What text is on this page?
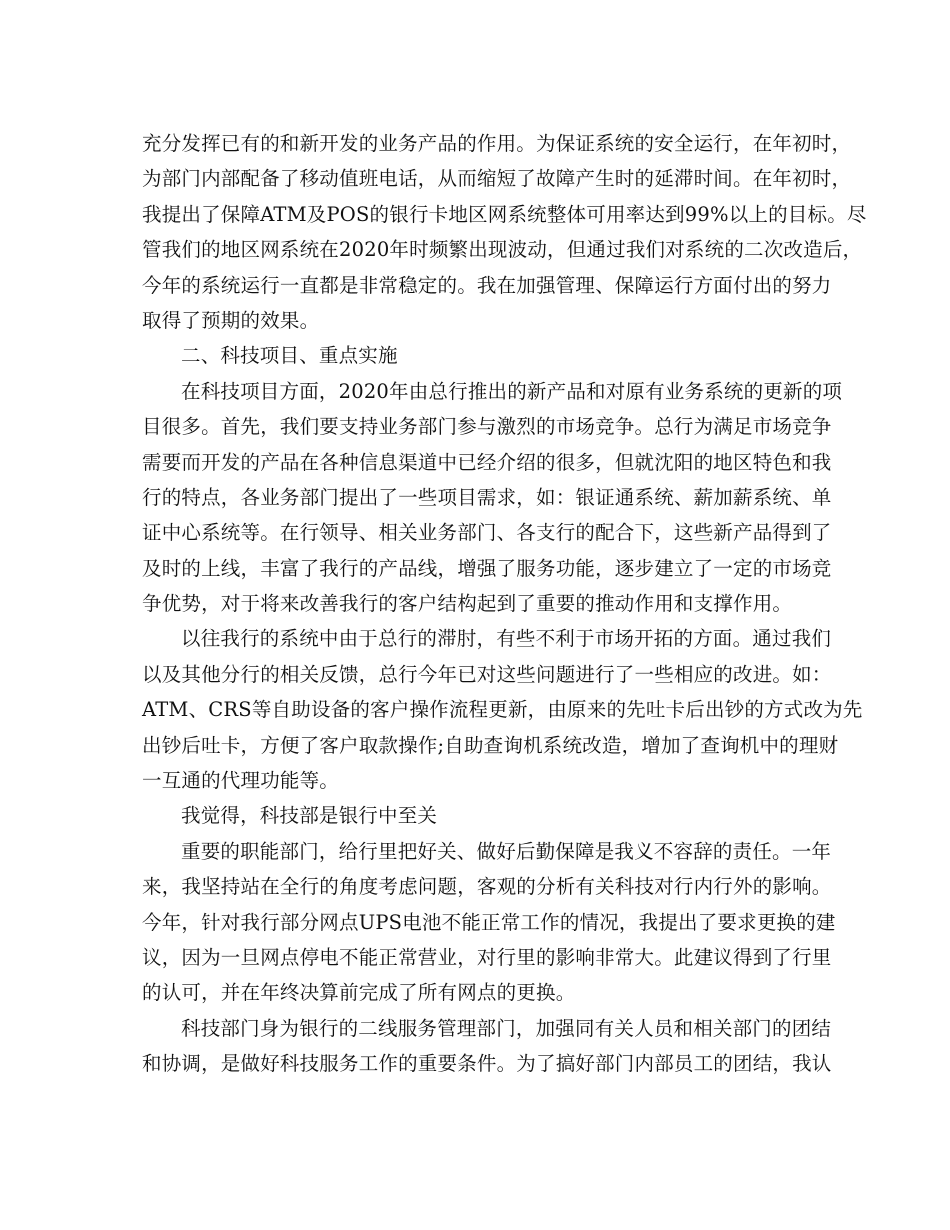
充分发挥已有的和新开发的业务产品的作用。为保证系统的安全运行，在年初时，
为部门内部配备了移动值班电话，从而缩短了故障产生时的延滞时间。在年初时，
我提出了保障ATM及POS的银行卡地区网系统整体可用率达到99%以上的目标。尽
管我们的地区网系统在2020年时频繁出现波动，但通过我们对系统的二次改造后，
今年的系统运行一直都是非常稳定的。我在加强管理、保障运行方面付出的努力
取得了预期的效果。
二、科技项目、重点实施
在科技项目方面，2020年由总行推出的新产品和对原有业务系统的更新的项
目很多。首先，我们要支持业务部门参与激烈的市场竞争。总行为满足市场竞争
需要而开发的产品在各种信息渠道中已经介绍的很多，但就沈阳的地区特色和我
行的特点，各业务部门提出了一些项目需求，如：银证通系统、薪加薪系统、单
证中心系统等。在行领导、相关业务部门、各支行的配合下，这些新产品得到了
及时的上线，丰富了我行的产品线，增强了服务功能，逐步建立了一定的市场竞
争优势，对于将来改善我行的客户结构起到了重要的推动作用和支撑作用。
以往我行的系统中由于总行的滞肘，有些不利于市场开拓的方面。通过我们
以及其他分行的相关反馈，总行今年已对这些问题进行了一些相应的改进。如：
ATM、CRS等自助设备的客户操作流程更新，由原来的先吐卡后出钞的方式改为先
出钞后吐卡，方便了客户取款操作;自助查询机系统改造，增加了查询机中的理财
一互通的代理功能等。
我觉得，科技部是银行中至关
重要的职能部门，给行里把好关、做好后勤保障是我义不容辞的责任。一年
来，我坚持站在全行的角度考虑问题，客观的分析有关科技对行内行外的影响。
今年，针对我行部分网点UPS电池不能正常工作的情况，我提出了要求更换的建
议，因为一旦网点停电不能正常营业，对行里的影响非常大。此建议得到了行里
的认可，并在年终决算前完成了所有网点的更换。
科技部门身为银行的二线服务管理部门，加强同有关人员和相关部门的团结
和协调，是做好科技服务工作的重要条件。为了搞好部门内部员工的团结，我认
